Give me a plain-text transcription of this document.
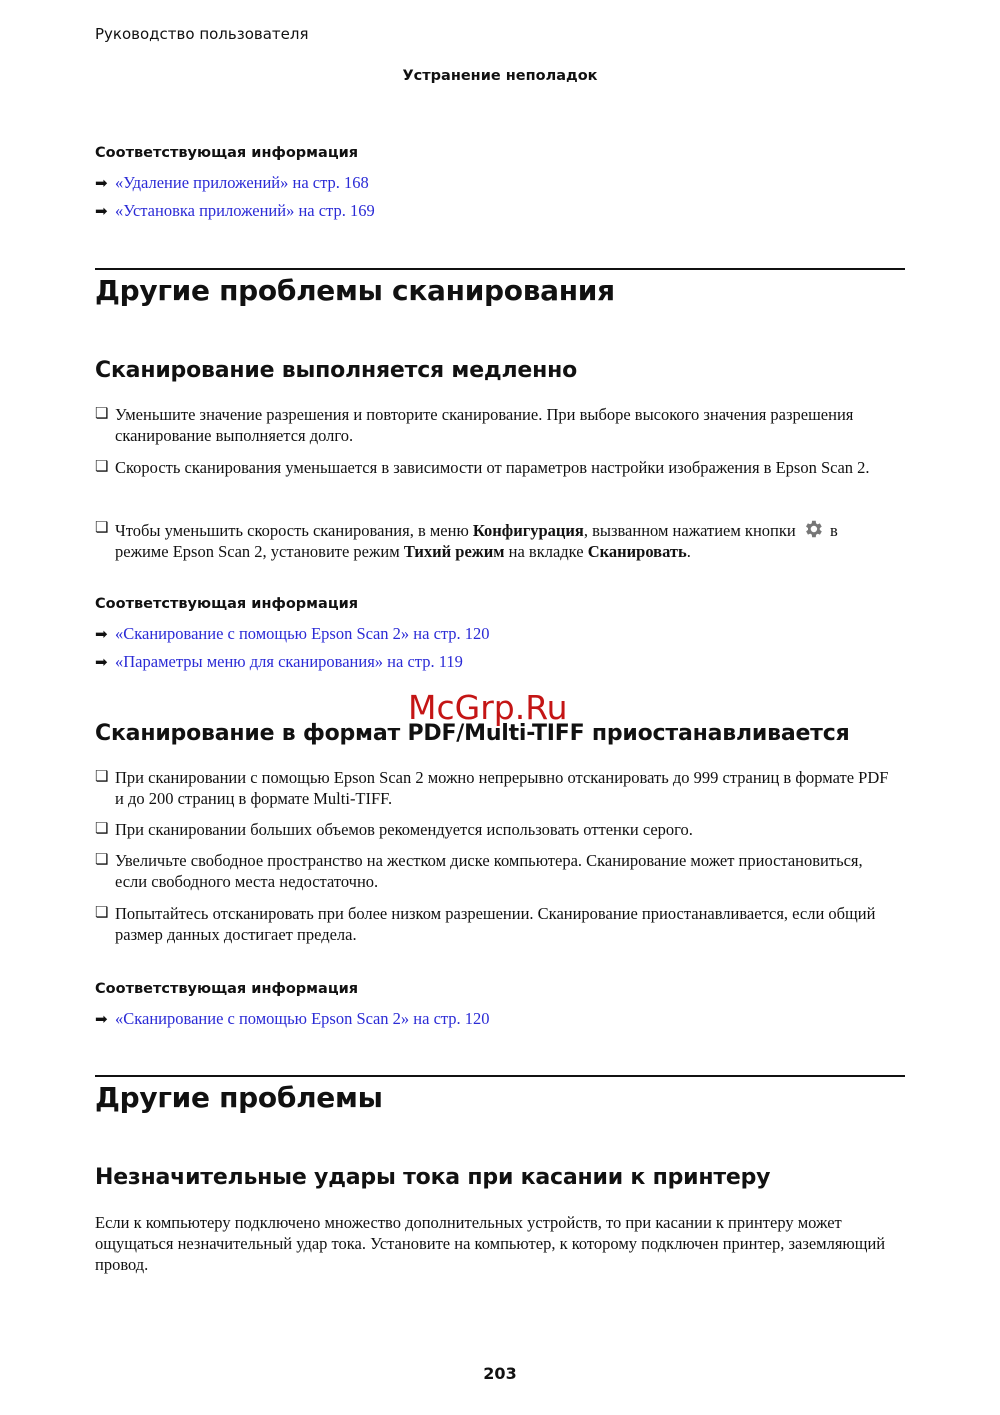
Руководство пользователя
Устранение неполадок
Соответствующая информация
➡ «Удаление приложений» на стр. 168
➡ «Установка приложений» на стр. 169
Другие проблемы сканирования
Сканирование выполняется медленно
❏ Уменьшите значение разрешения и повторите сканирование. При выборе высокого значения разрешения сканирование выполняется долго.
❏ Скорость сканирования уменьшается в зависимости от параметров настройки изображения в Epson Scan 2.
❏ Чтобы уменьшить скорость сканирования, в меню Конфигурация, вызванном нажатием кнопки  в режиме Epson Scan 2, установите режим Тихий режим на вкладке Сканировать.
Соответствующая информация
➡ «Сканирование с помощью Epson Scan 2» на стр. 120
➡ «Параметры меню для сканирования» на стр. 119
McGrp.Ru
Сканирование в формат PDF/Multi-TIFF приостанавливается
❏ При сканировании с помощью Epson Scan 2 можно непрерывно отсканировать до 999 страниц в формате PDF и до 200 страниц в формате Multi-TIFF.
❏ При сканировании больших объемов рекомендуется использовать оттенки серого.
❏ Увеличьте свободное пространство на жестком диске компьютера. Сканирование может приостановиться, если свободного места недостаточно.
❏ Попытайтесь отсканировать при более низком разрешении. Сканирование приостанавливается, если общий размер данных достигает предела.
Соответствующая информация
➡ «Сканирование с помощью Epson Scan 2» на стр. 120
Другие проблемы
Незначительные удары тока при касании к принтеру
Если к компьютеру подключено множество дополнительных устройств, то при касании к принтеру может ощущаться незначительный удар тока. Установите на компьютер, к которому подключен принтер, заземляющий провод.
203
